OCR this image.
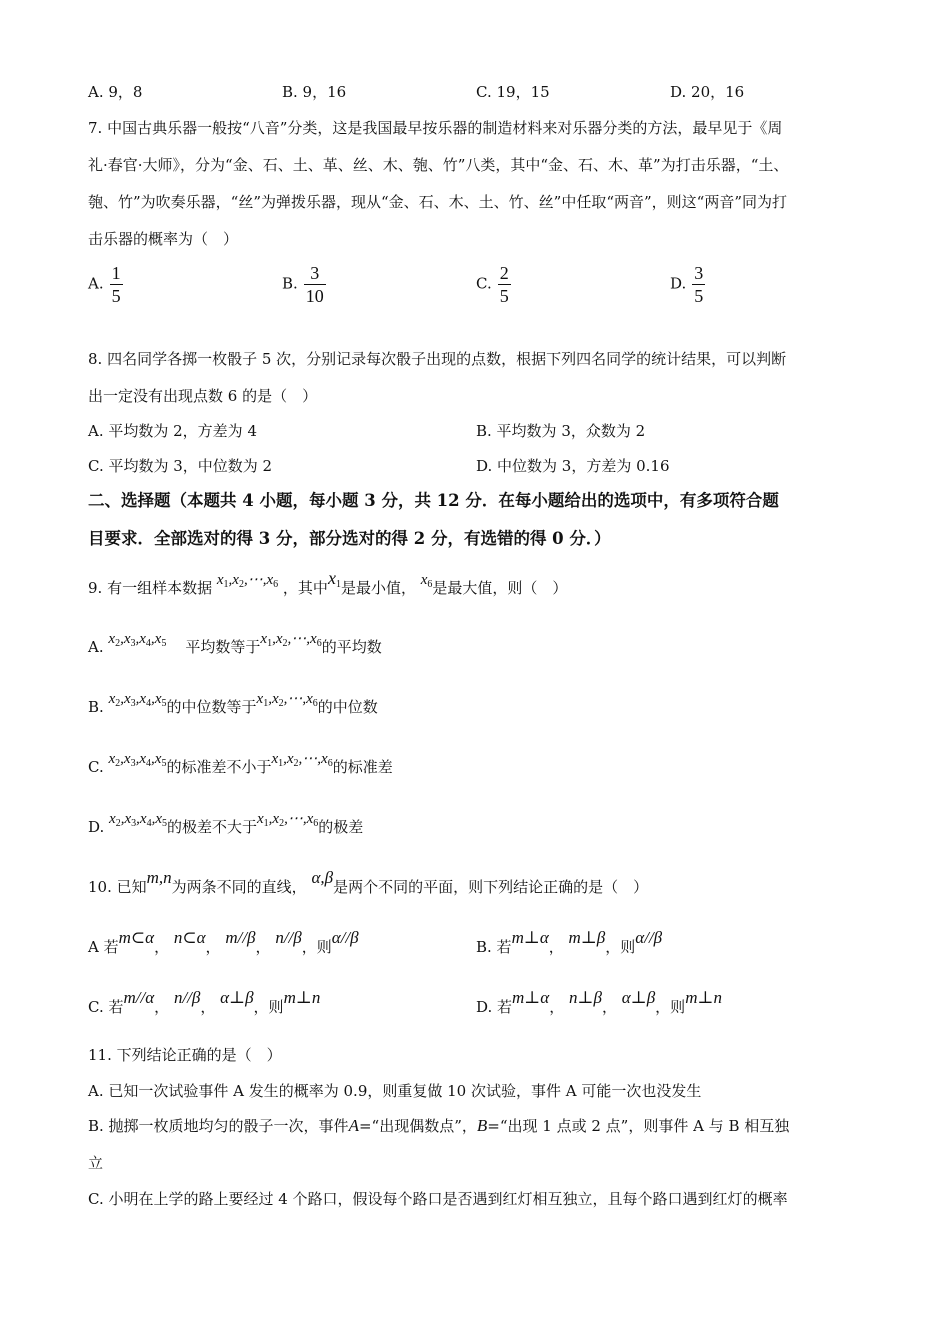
A. 9，8	B. 9，16	C. 19，15	D. 20，16
7. 中国古典乐器一般按“八音”分类，这是我国最早按乐器的制造材料来对乐器分类的方法，最早见于《周
礼·春官·大师》，分为“金、石、土、革、丝、木、匏、竹”八类，其中“金、石、木、革”为打击乐器，“土、
匏、竹”为吹奏乐器，“丝”为弹拨乐器，现从“金、石、木、土、竹、丝”中任取“两音”，则这“两音”同为打
击乐器的概率为（　）
A. $\frac{1}{5}$	B. $\frac{3}{10}$	C. $\frac{2}{5}$	D. $\frac{3}{5}$
8. 四名同学各掷一枚骰子 5 次，分别记录每次骰子出现的点数，根据下列四名同学的统计结果，可以判断
出一定没有出现点数 6 的是（　）
A. 平均数为 2，方差为 4	B. 平均数为 3，众数为 2
C. 平均数为 3，中位数为 2	D. 中位数为 3，方差为 0.16
二、选择题（本题共 4 小题，每小题 3 分，共 12 分．在每小题给出的选项中，有多项符合题
目要求．全部选对的得 3 分，部分选对的得 2 分，有选错的得 0 分．）
9. 有一组样本数据 $x_1,x_2,\cdots,x_6$ ，其中$x_1$是最小值， $x_6$是最大值，则（　）
A. $x_2,x_3,x_4,x_5$ 平均数等于$x_1,x_2,\cdots,x_6$的平均数
B. $x_2,x_3,x_4,x_5$的中位数等于$x_1,x_2,\cdots,x_6$的中位数
C. $x_2,x_3,x_4,x_5$的标准差不小于$x_1,x_2,\cdots,x_6$的标准差
D. $x_2,x_3,x_4,x_5$的极差不大于$x_1,x_2,\cdots,x_6$的极差
10. 已知m,n为两条不同的直线， α,β是两个不同的平面，则下列结论正确的是（　）
A 若m⊂α， n⊂α， m//β， n//β，则α//β	B. 若m⊥α， m⊥β，则α//β
C. 若m//α， n//β， α⊥β，则m⊥n	D. 若m⊥α， n⊥β， α⊥β，则m⊥n
11. 下列结论正确的是（　）
A. 已知一次试验事件 A 发生的概率为 0.9，则重复做 10 次试验，事件 A 可能一次也没发生
B. 抛掷一枚质地均匀的骰子一次，事件A=“出现偶数点”，B=“出现 1 点或 2 点”，则事件 A 与 B 相互独
立
C. 小明在上学的路上要经过 4 个路口，假设每个路口是否遇到红灯相互独立，且每个路口遇到红灯的概率
